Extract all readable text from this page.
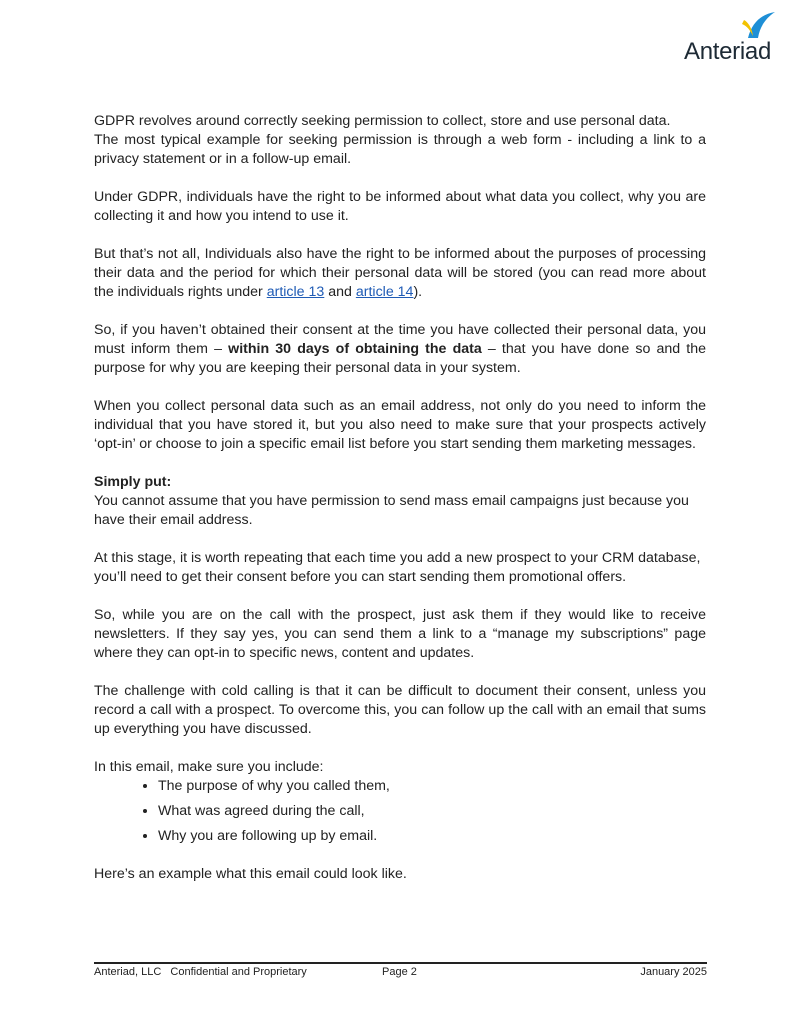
Anteriad

GDPR revolves around correctly seeking permission to collect, store and use personal data.

The most typical example for seeking permission is through a web form - including a link to a privacy statement or in a follow-up email.

Under GDPR, individuals have the right to be informed about what data you collect, why you are collecting it and how you intend to use it.

But that’s not all, Individuals also have the right to be informed about the purposes of processing their data and the period for which their personal data will be stored (you can read more about the individuals rights under article 13 and article 14).

So, if you haven’t obtained their consent at the time you have collected their personal data, you must inform them – within 30 days of obtaining the data – that you have done so and the purpose for why you are keeping their personal data in your system.

When you collect personal data such as an email address, not only do you need to inform the individual that you have stored it, but you also need to make sure that your prospects actively ‘opt-in’ or choose to join a specific email list before you start sending them marketing messages.

Simply put:
You cannot assume that you have permission to send mass email campaigns just because you have their email address.

At this stage, it is worth repeating that each time you add a new prospect to your CRM database, you’ll need to get their consent before you can start sending them promotional offers.

So, while you are on the call with the prospect, just ask them if they would like to receive newsletters. If they say yes, you can send them a link to a “manage my subscriptions” page where they can opt-in to specific news, content and updates.

The challenge with cold calling is that it can be difficult to document their consent, unless you record a call with a prospect. To overcome this, you can follow up the call with an email that sums up everything you have discussed.

In this email, make sure you include:

• The purpose of why you called them,
• What was agreed during the call,
• Why you are following up by email.

Here’s an example what this email could look like.

Anteriad, LLC   Confidential and Proprietary	Page 2	January 2025
